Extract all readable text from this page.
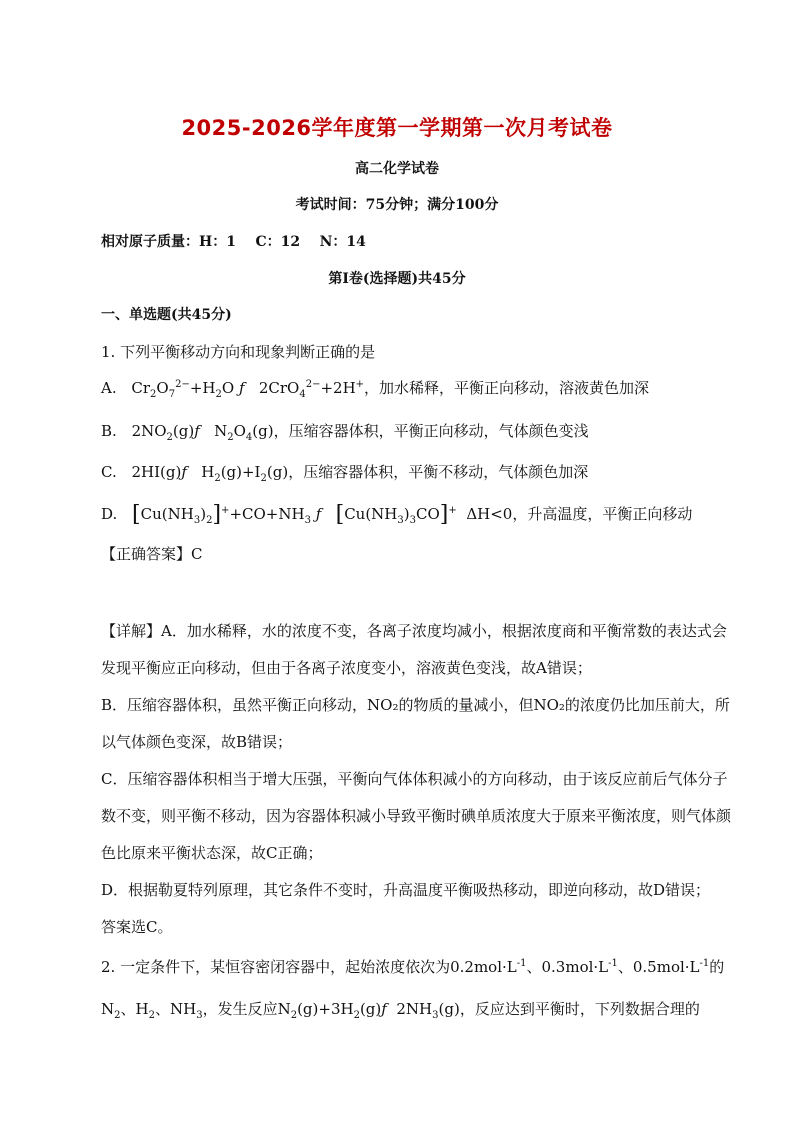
2025-2026学年度第一学期第一次月考试卷
高二化学试卷
考试时间：75分钟；满分100分
相对原子质量：H：1    C：12    N：14
第Ⅰ卷(选择题)共45分
一、单选题(共45分)
1. 下列平衡移动方向和现象判断正确的是
A. $Cr_2O_7^{2-}+H_2O$ ƒ   2CrO$_4^{2-}$+2H+，加水稀释，平衡正向移动，溶液黄色加深
B. $2NO_2(g)ƒ$   $N_2O_4(g)$，压缩容器体积，平衡正向移动，气体颜色变浅
C. 2HI(g)ƒ   $H_2(g)+I_2(g)$，压缩容器体积，平衡不移动，气体颜色加深
D. $[Cu(NH_3)_2]^++CO+NH_3$ ƒ $[Cu(NH_3)_3CO]^+$ ΔH<0，升高温度，平衡正向移动
【正确答案】C
【详解】A．加水稀释，水的浓度不变，各离子浓度均减小，根据浓度商和平衡常数的表达式会
发现平衡应正向移动，但由于各离子浓度变小，溶液黄色变浅，故A错误；
B．压缩容器体积，虽然平衡正向移动，NO₂的物质的量减小，但NO₂的浓度仍比加压前大，所
以气体颜色变深，故B错误；
C．压缩容器体积相当于增大压强，平衡向气体体积减小的方向移动，由于该反应前后气体分子
数不变，则平衡不移动，因为容器体积减小导致平衡时碘单质浓度大于原来平衡浓度，则气体颜
色比原来平衡状态深，故C正确；
D．根据勒夏特列原理，其它条件不变时，升高温度平衡吸热移动，即逆向移动，故D错误；
答案选C。
2. 一定条件下，某恒容密闭容器中，起始浓度依次为$0.2mol\cdot L^{-1}$、$0.3mol\cdot L^{-1}$、$0.5mol\cdot L^{-1}$的
$N_2$、$H_2$、$NH_3$，发生反应$N_2(g)+3H_2(g)ƒ$  $2NH_3(g)$，反应达到平衡时，下列数据合理的
